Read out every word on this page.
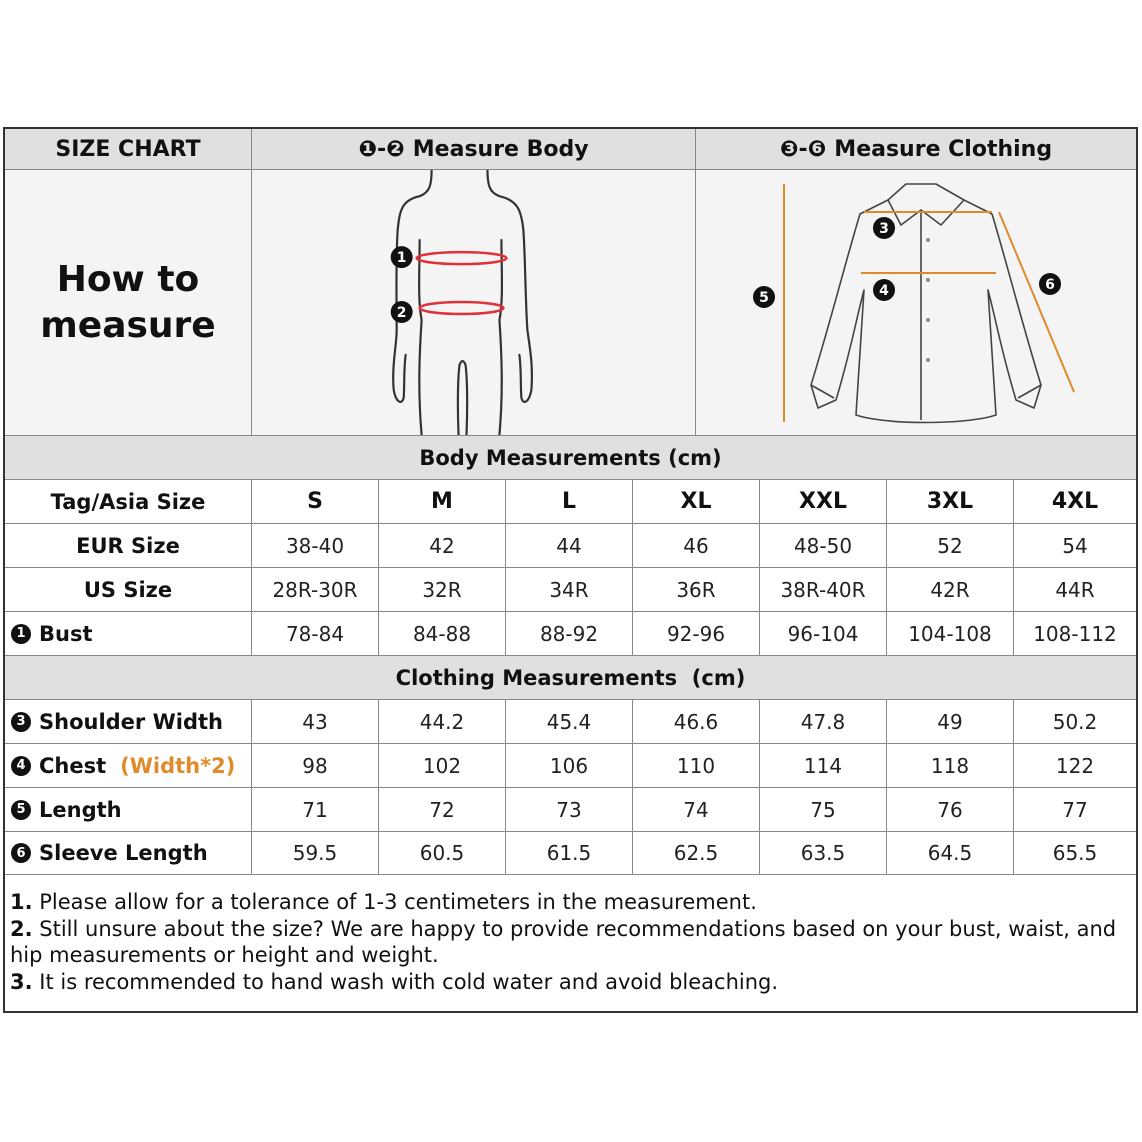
SIZE CHART	❶-❷ Measure Body	❸-❻ Measure Clothing
How to
measure
1
2
3
4
5
6
Body Measurements (cm)
Tag/Asia Size	S	M	L	XL	XXL	3XL	4XL
EUR Size	38-40	42	44	46	48-50	52	54
US Size	28R-30R	32R	34R	36R	38R-40R	42R	44R
1 Bust	78-84	84-88	88-92	92-96	96-104	104-108	108-112
Clothing Measurements  (cm)
3 Shoulder Width	43	44.2	45.4	46.6	47.8	49	50.2
4 Chest (Width*2)	98	102	106	110	114	118	122
5 Length	71	72	73	74	75	76	77
6 Sleeve Length	59.5	60.5	61.5	62.5	63.5	64.5	65.5
1. Please allow for a tolerance of 1-3 centimeters in the measurement.
2. Still unsure about the size? We are happy to provide recommendations based on your bust, waist, and hip measurements or height and weight.
3. It is recommended to hand wash with cold water and avoid bleaching.
